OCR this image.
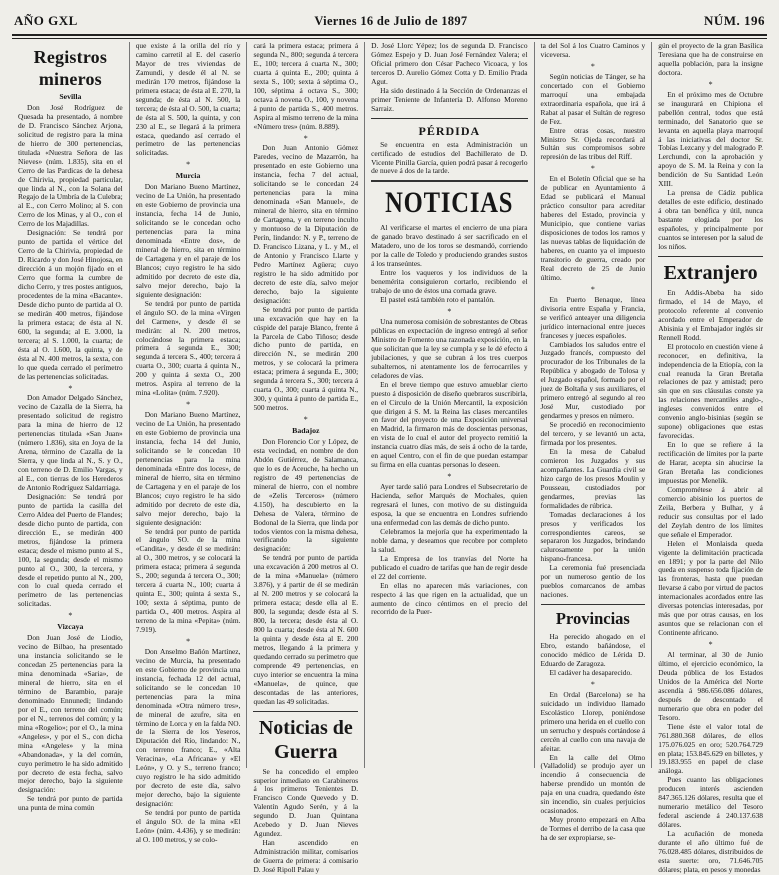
AÑO GXL	Viernes 16 de Julio de 1897	NÚM. 196
Registros mineros
Sevilla

Don José Rodríguez de Quesada ha presentado, á nombre de D. Francisco Sánchez Arjona, solicitud de registro para la mina de hierro de 300 pertenencias, titulada «Nuestra Señora de las Nieves» (núm. 1.835), sita en el Cerro de las Pardicas de la dehesa de Chirivia, propiedad particular, que linda al N., con la Solana del Regajo de la Umbría de la Culebra; al E., con Cerro Molino; al S. con Cerro de los Minas, y al O., con el Cerro de los Majadillas.

Designación: Se tendrá por punto de partida el vértice del Cerro de la Chirivia, propiedad de D. Ricardo y don José Hinojosa, en dirección á un mojón fijado en el Cerro que forma la cumbre de dicho Cerro, y tres postes antiguos, procedentes de la mina «Bacante». Desde dicho punto de partida al O. se medirán 400 metros, fijándose la primera estaca; de ésta al N. 600, la segunda; al E. 3.000, la tercera; al S. 1.000, la cuarta; de ésta al O. 1.600, la quinta, y de ésta al N. 400 metros, la sexta, con lo que queda cerrado el perímetro de las pertenencias solicitadas.

*

Don Amador Delgado Sánchez, vecino de Cazalla de la Sierra, ha presentado solicitud de registro para la mina de hierro de 12 pertenencias titulada «San Juan» (número 1.836), sita en Joya de la Arena, término de Cazalla de la Sierra, y que linda al N., S. y O., con terreno de D. Emilio Vargas, y al E., con tierras de los Herederos de Antonio Rodríguez Saldarriaga.

Designación: Se tendrá por punto de partida la casilla del Cerro Aldea del Puerto de Flandes; desde dicho punto de partida, con dirección E., se medirán 400 metros, fijándose la primera estaca; desde el mismo punto al S., 100, la segunda; desde el mismo punto al O., 300, la tercera, y desde el repetido punto al N., 200, con lo cual queda cerrado el perímetro de las pertenencias solicitadas.

*
Vizcaya

Don Juan José de Liodio, vecino de Bilbao, ha presentado una instancia solicitando se le concedan 25 pertenencias para la mina denominada «Saria», de mineral de hierro, sita en el término de Barambio, paraje denominado Ennunedi; lindando por el E., con terreno del común; por el N., terrenos del común; y la mina «Rogelio»; por el O., la mina «Angeles», y por el S., con dicha mina «Angeles» y la mina «Abandonada», y la del común, cuyo perímetro le ha sido admitido por decreto de esta fecha, salvo mejor derecho, bajo la siguiente designación:

Se tendrá por punto de partida una punta de mina común

que existe á la orilla del río y camino carretil al E. del caserío Mayor de tres viviendas de Zamundi, y desde él al N. se medirán 170 metros, fijándose la primera estaca; de ésta al E. 270, la segunda; de ésta al N. 500, la tercera; de ésta al O. 500, la cuarta; de ésta al S. 500, la quinta, y con 230 al E., se llegará á la primera estaca, quedando así cerrado el perímetro de las pertenencias solicitadas.

*
Murcia

Don Mariano Bueno Martínez, vecino de La Unión, ha presentado en este Gobierno de provincia una instancia, fecha 14 de Junio, solicitando se le concedan ocho pertenencias para la mina denominada «Entre dos», de mineral de hierro, sita en término de Cartagena y en el paraje de los Blancos; cuyo registro le ha sido admitido por decreto de este día, salvo mejor derecho, bajo la siguiente designación:

Se tendrá por punto de partida el ángulo SO. de la mina «Virgen del Carmen», y desde él se medirán: al N. 200 metros, colocándose la primera estaca; primera á segunda E., 300; segunda á tercera S., 400; tercera á cuarta O., 300; cuarta á quinta N., 200 y quinta á sexta O., 200 metros. Aspira al terreno de la mina «Lolita» (núm. 7.920).

*

Don Mariano Bueno Martínez, vecino de La Unión, ha presentado en este Gobierno de provincia una instancia, fecha 14 del Junio, solicitando se le concedan 10 pertenencias para la mina denominada «Entre dos loces», de mineral de hierro, sita en término de Cartagena y en el paraje de los Blancos; cuyo registro le ha sido admitido por decreto de este día, salvo mejor derecho, bajo la siguiente designación:

Se tendrá por punto de partida el ángulo SO. de la mina «Candita», y desde él se medirán: al O., 300 metros, y se colocará la primera estaca; primera á segunda S., 200; segunda á tercera O., 300; tercera á cuarta N., 100; cuarta á quinta E., 300; quinta á sexta S., 100; sexta á séptima, punto de partida O., 400 metros. Aspira al terreno de la mina «Pepita» (núm. 7.919).

*

Don Anselmo Bañón Martínez, vecino de Murcia, ha presentado en este Gobierno de provincia una instancia, fechada 12 del actual, solicitando se le concedan 10 pertenencias para la mina denominada «Otra número tres», de mineral de azufre, sita en término de Lorca y en la falda NO. de la Sierra de los Yeseros, Diputación del Río, lindando: N., con terreno franco; E., «Alta Veracina», «La Africana» y «El León», y O. y S., terreno franco; cuyo registro le ha sido admitido por decreto de este día, salvo mejor derecho, bajo la siguiente designación:

Se tendrá por punto de partida el ángulo SO. de la mina «El León» (núm. 4.436), y se medirán: al O. 100 metros, y se colo-

cará la primera estaca; primera á segunda N., 800; segunda á tercera E., 100; tercera á cuarta N., 300; cuarta á quinta E., 200; quinta á sexta S., 100; sexta á séptima O., 100, séptima á octava S., 300; octava á novena O., 100, y novena á punto de partida S., 400 metros. Aspira al mismo terreno de la mina «Número tres» (núm. 8.889).

*

Don Juan Antonio Gómez Paredes, vecino de Mazarrón, ha presentado en este Gobierno una instancia, fecha 7 del actual, solicitando se le concedan 24 pertenencias para la mina denominada «San Manuel», de mineral de hierro, sita en término de Cartagena, y en terreno inculto y montuoso de la Diputación de Perín, lindando: N. y P., terreno de D. Francisco Lizana, y L. y M., el de Antonio y Francisco Llarte y Pedro Martínez Agüera; cuyo registro le ha sido admitido por decreto de este día, salvo mejor derecho, bajo la siguiente designación:

Se tendrá por punto de partida una excavación que hay en la cúspide del paraje Blanco, frente á la Parcela de Cabo Tiñoso; desde dicho punto de partida, en dirección N., se medirán 200 metros, y se colocará la primera estaca; primera á segunda E., 300; segunda á tercera S., 300; tercera á cuarta O., 300; cuarta á quinta N., 300, y quinta á punto de partida E., 500 metros.

*
Badajoz

Don Florencio Cor y López, de esta vecindad, en nombre de don Abdón Gutiérrez, de Salamanca, que lo es de Aceuche, ha hecho un registro de 49 pertenencias de mineral de hierro, con el nombre de «Zelis Terceros» (número 4.150), ha descubierto en la Dehesa de Valera, término de Bodonal de la Sierra, que linda por todos vientos con la misma dehesa, verificando la siguiente designación:

Se tendrá por punto de partida una excavación á 200 metros al O. de la mina «Manuela» (número 3.876), y á partir de él se medirán al N. 200 metros y se colocará la primera estaca; desde ella al E. 800, la segunda; desde ésta al S. 800, la tercera; desde ésta al O. 800 la cuarta; desde ésta al N. 600 la quinta y desde ésta al E. 200 metros, llegando á la primera y quedando cerrado su perímetro que comprende 49 pertenencias, en cuyo interior se encuentra la mina «Manuela», de quince, que descontadas de las anteriores, quedan las 49 solicitadas.

Noticias de Guerra

Se ha concedido el empleo superior inmediato en Carabineros á los primeros Tenientes D. Francisco Conde Quevedo y D. Valentín Agudo Serén, y á la segundo D. Juan Quintana Acebedo y D. Juan Nieves Agundez.

Han ascendido en Administración militar, comisarios de Guerra de primera: á comisario D. José Ripoll Palau y

D. José Llorc Yépez; los de segunda D. Francisco Gómez Espejo y D. Juan José Fernández Valera; el Oficial primero don César Pacheco Vicoaca, y los terceros D. Aurelio Gómez Cotta y D. Emilio Prada Agut.

Ha sido destinado á la Sección de Ordenanzas el primer Teniente de Infantería D. Alfonso Moreno Sarraiz.

PÉRDIDA

Se encuentra en esta Administración un certificado de estudios del Bachillerato de D. Vicente Pinilla García, quien podrá pasar á recogerlo de nueve á dos de la tarde.

NOTICIAS

Al verificarse el martes el encierro de una piara de ganado bravo destinado á ser sacrificado en el Matadero, uno de los toros se desmandó, corriendo por la calle de Toledo y produciendo grandes sustos á los transeúntes.

Entre los vaqueros y los individuos de la benemérita consiguieron cortarlo, recibiendo el trabajo de uno de éstos una cornada grave.

El pastel está también roto el pantalón.

*

Una numerosa comisión de sobrestantes de Obras públicas en expectación de ingreso entregó al señor Ministro de Fomento una razonada exposición, en la que solicitan que la ley se cumpla y se le dé efecto á jubilaciones, y que se cubran á los tres cuerpos subalternos, ni atentamente los de ferrocarriles y celadores de vías.

En el breve tiempo que estuvo amueblar cierto puesto á disposición de diseño quebraros suscribirla, en el Circulo de la Unión Mercantil, la exposición que dirigen á S. M. la Reina las clases mercantiles en favor del proyecto de una Exposición universal en Madrid, la firmaron más de doscientas personas, en vista de lo cual el autor del proyecto remitió la instancia cuatro días más, de seis á ocho de la tarde, en aquel Centro, con el fin de que puedan estampar su firma en ella cuantas personas lo deseen.

*

Ayer tarde salió para Londres el Subsecretario de Hacienda, señor Marqués de Mochales, quien regresará el lunes, con motivo de su distinguida esposa, la que se encuentra en Londres sufriendo una enfermedad con las demás de dicho punto.

Celebramos la mejoría que ha experimentado la noble dama, y deseamos que recobre por completo la salud.

La Empresa de los tranvías del Norte ha publicado el cuadro de tarifas que han de regir desde el 22 del corriente.

En ellas no aparecen más variaciones, con respecto á las que rigen en la actualidad, que un aumento de cinco céntimos en el precio del recorrido de la Puer-

ta del Sol á los Cuatro Caminos y viceversa.

*

Según noticias de Tánger, se ha concertado con el Gobierno marroquí una embajada extraordinaria española, que irá á Rabat al pasar el Sultán de regreso de Fez.

Entre otras cosas, nuestro Ministro Sr. Ojeda recordará al Sultán sus compromisos sobre represión de las tribus del Riff.

*

En el Boletín Oficial que se ha de publicar en Ayuntamiento á Edad se publicará el Manual práctico consultor para acreditar haberes del Estado, provincia y Municipio, que contiene varias disposiciones de todos los ramos y las nuevas tablas de liquidación de haberes, en cuanto ya el impuesto transitorio de guerra, creado por Real decreto de 25 de Junio último.

*

En Puerto Benaque, línea divisoria entre España y Francia, se verificó anteayer una diligencia jurídico internacional entre jueces franceses y jueces españoles.

Cambiados los saludos entre el Juzgado francés, compuesto del procurador de los Tribunales de la República y abogado de Tolosa y el Juzgado español, formado por el juez de Boltaña y sus auxiliares, el primero entregó al segundo al reo José Mur, custodiado por gendarmes y presos en número.

Se procedió en reconocimiento del tercero, y se levantó un acta, firmada por los presentes.

En la mesa de Cabalud comieron los Juzgados y sus acompañantes. La Guardia civil se hizo cargo de los presos Moulin y Pousseau, custodiados por gendarmes, previas las formalidades de rúbrica.

Tomadas declaraciones á los presos y verificados los correspondientes careos, se separaron los Juzgados, brindando calurosamente por la unión hispano-francesa.

La ceremonia fué presenciada por un numeroso gentío de los pueblos comarcanos de ambas naciones.

Provincias

Ha perecido ahogado en el Ebro, estando bañándose, el conocido médico de Lérida D. Eduardo de Zaragoza.

El cadáver ha desaparecido.

*

En Ordal (Barcelona) se ha suicidado un individuo llamado Escolástico Llorep, poniéndose primero una herida en el cuello con un serrucho y después cortándose á cercén al cuello con una navaja de afeitar.

En la calle del Olmo (Valladolid) se produjo ayer un incendio á consecuencia de haberse prendido un montón de paja en una cuadra, quedando éste sin incendio, sin cuales perjuicios ocasionados.

Muy pronto empezará en Alba de Tormes el derribo de la casa que ha de ser expropiarse, se-

gún el proyecto de la gran Basílica Teresiana que ha de construirse en aquella población, para la insigne doctora.

*

En el próximo mes de Octubre se inaugurará en Chipiona el pabellón central, todos que está terminado, del Sanatorio que se levanta en aquella playa marroquí á las iniciativas del doctor Sr. Tobías Lezcany y del malogrado P. Lerchundi, con la aprobación y apoyo de S. M. la Reina y con la bendición de Su Santidad León XIII.

La prensa de Cádiz publica detalles de este edificio, destinado á obra tan benéfica y útil, nunca bastante elogiada por los españoles, y principalmente por cuantos se interesen por la salud de los niños.

Extranjero

En Addis-Abeba ha sido firmado, el 14 de Mayo, el protocolo referente al convenio acordado entre el Emperador de Abisinia y el Embajador inglés sir Rennell Rodd.

El protocolo en cuestión viene á reconocer, en definitiva, la independencia de la Etiopía, con la cual reanuda la Gran Bretaña relaciones de paz y amistad; pero sin que en sus cláusulas conste ya las relaciones mercantiles anglo-, ingleses convenidos entre el convenio anglo-bisinias (según se supone) obligaciones que estas favorecidas.

En lo que se refiere á la rectificación de límites por la parte de Harar, acepta sin ahucirse la Gran Bretaña las condiciones impuestas por Menelik.

Comprométese á abrir al comercio abisinio los puertos de Zeila, Berbera y Bulhar, y á reducir sus consultas por el lado del Zeylah dentro de los límites que señale el Emperador.

Helen el Monlaisda queda vigente la delimitación practicada en 1891; y por la parte del Nilo queda en suspenso toda fijación de las fronteras, hasta que puedan llevarse á cabo por virtud de pactos internacionales acordados entre las diversas potencias interesadas, por más que por otras causas, en los asuntos que se relacionan con el Continente africano.

*

Al terminar, al 30 de Junio último, el ejercicio económico, la Deuda pública de los Estados Unidos de la América del Norte ascendía á 986.656.086 dólares, después de descontado el numerario que obra en poder del Tesoro.

Tiene éste el valor total de 761.880.368 dólares, de ellos 175.076.025 en oro; 520.764.729 en plata; 153.845.629 en billetes, y 19.183.955 en papel de clase análoga.

Pues cuanto las obligaciones producen interés ascienden 847.365.126 dólares, resulta que el numerario metálico del Tesoro federal asciende á 240.137.638 dólares.

La acuñación de moneda durante el año último fué de 76.028.485 dólares, distribuidos de esta suerte: oro, 71.646.705 dólares; plata, en pesos y monedas
